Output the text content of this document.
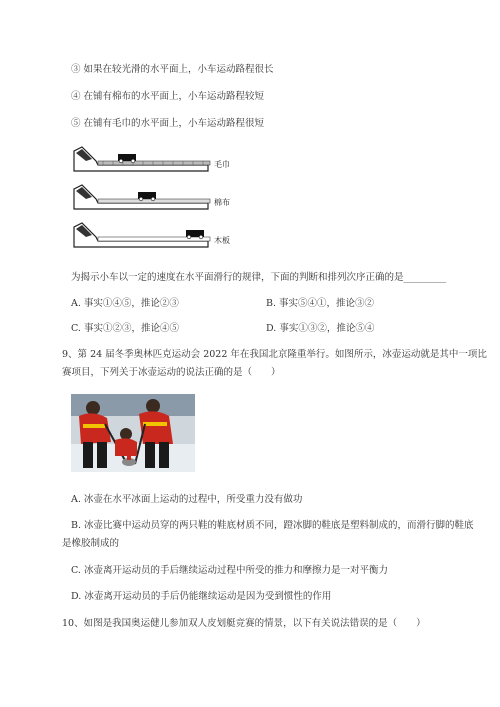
③ 如果在较光滑的水平面上，小车运动路程很长
④ 在铺有棉布的水平面上，小车运动路程较短
⑤ 在铺有毛巾的水平面上，小车运动路程很短
毛巾
棉布
木板
为揭示小车以一定的速度在水平面滑行的规律，下面的判断和排列次序正确的是_________
A. 事实①④⑤，推论②③	B. 事实⑤④①，推论③②
C. 事实①②③，推论④⑤	D. 事实①③②，推论⑤④
9、第 24 届冬季奥林匹克运动会 2022 年在我国北京隆重举行。如图所示，冰壶运动就是其中一项比
赛项目，下列关于冰壶运动的说法正确的是（　　）
A. 冰壶在水平冰面上运动的过程中，所受重力没有做功
B. 冰壶比赛中运动员穿的两只鞋的鞋底材质不同，蹬冰脚的鞋底是塑料制成的，而滑行脚的鞋底
是橡胶制成的
C. 冰壶离开运动员的手后继续运动过程中所受的推力和摩擦力是一对平衡力
D. 冰壶离开运动员的手后仍能继续运动是因为受到惯性的作用
10、如图是我国奥运健儿参加双人皮划艇竞赛的情景，以下有关说法错误的是（　　）
